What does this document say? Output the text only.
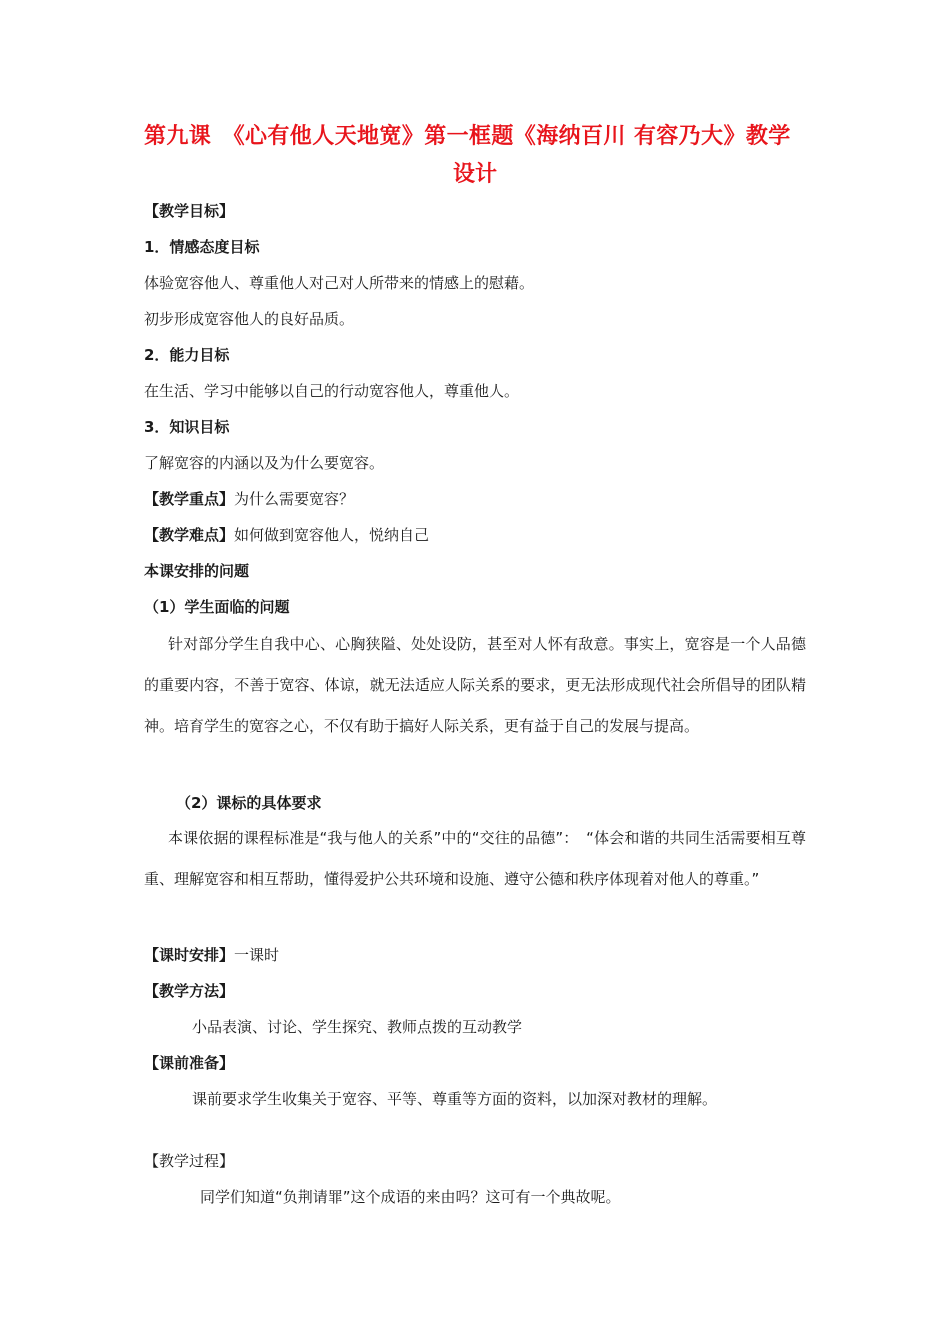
第九课　《心有他人天地宽》第一框题《海纳百川 有容乃大》教学
设计
【教学目标】
1．情感态度目标
体验宽容他人、尊重他人对己对人所带来的情感上的慰藉。
初步形成宽容他人的良好品质。
2．能力目标
在生活、学习中能够以自己的行动宽容他人，尊重他人。
3．知识目标
了解宽容的内涵以及为什么要宽容。
【教学重点】为什么需要宽容？
【教学难点】如何做到宽容他人，悦纳自己
本课安排的问题
（1）学生面临的问题
针对部分学生自我中心、心胸狭隘、处处设防，甚至对人怀有敌意。事实上，宽容是一个人品德的重要内容，不善于宽容、体谅，就无法适应人际关系的要求，更无法形成现代社会所倡导的团队精神。培育学生的宽容之心，不仅有助于搞好人际关系，更有益于自己的发展与提高。
（2）课标的具体要求
本课依据的课程标准是“我与他人的关系”中的“交往的品德”：　“体会和谐的共同生活需要相互尊重、理解宽容和相互帮助，懂得爱护公共环境和设施、遵守公德和秩序体现着对他人的尊重。”
【课时安排】一课时
【教学方法】
小品表演、讨论、学生探究、教师点拨的互动教学
【课前准备】
课前要求学生收集关于宽容、平等、尊重等方面的资料，以加深对教材的理解。
【教学过程】
同学们知道“负荆请罪”这个成语的来由吗？这可有一个典故呢。
